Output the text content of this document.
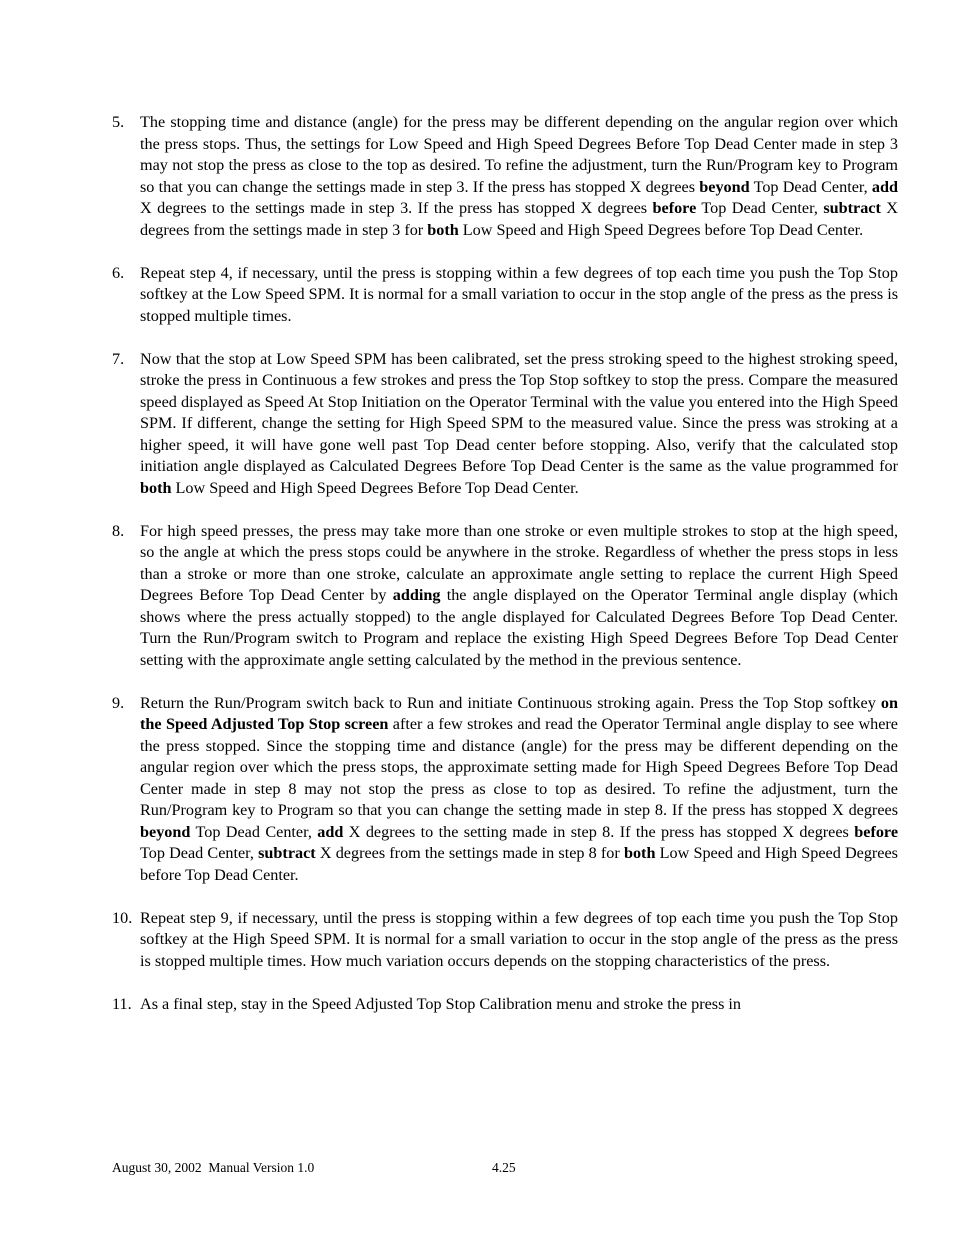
5. The stopping time and distance (angle) for the press may be different depending on the angular region over which the press stops. Thus, the settings for Low Speed and High Speed Degrees Before Top Dead Center made in step 3 may not stop the press as close to the top as desired. To refine the adjustment, turn the Run/Program key to Program so that you can change the settings made in step 3. If the press has stopped X degrees beyond Top Dead Center, add X degrees to the settings made in step 3. If the press has stopped X degrees before Top Dead Center, subtract X degrees from the settings made in step 3 for both Low Speed and High Speed Degrees before Top Dead Center.
6. Repeat step 4, if necessary, until the press is stopping within a few degrees of top each time you push the Top Stop softkey at the Low Speed SPM. It is normal for a small variation to occur in the stop angle of the press as the press is stopped multiple times.
7. Now that the stop at Low Speed SPM has been calibrated, set the press stroking speed to the highest stroking speed, stroke the press in Continuous a few strokes and press the Top Stop softkey to stop the press. Compare the measured speed displayed as Speed At Stop Initiation on the Operator Terminal with the value you entered into the High Speed SPM. If different, change the setting for High Speed SPM to the measured value. Since the press was stroking at a higher speed, it will have gone well past Top Dead center before stopping. Also, verify that the calculated stop initiation angle displayed as Calculated Degrees Before Top Dead Center is the same as the value programmed for both Low Speed and High Speed Degrees Before Top Dead Center.
8. For high speed presses, the press may take more than one stroke or even multiple strokes to stop at the high speed, so the angle at which the press stops could be anywhere in the stroke. Regardless of whether the press stops in less than a stroke or more than one stroke, calculate an approximate angle setting to replace the current High Speed Degrees Before Top Dead Center by adding the angle displayed on the Operator Terminal angle display (which shows where the press actually stopped) to the angle displayed for Calculated Degrees Before Top Dead Center. Turn the Run/Program switch to Program and replace the existing High Speed Degrees Before Top Dead Center setting with the approximate angle setting calculated by the method in the previous sentence.
9. Return the Run/Program switch back to Run and initiate Continuous stroking again. Press the Top Stop softkey on the Speed Adjusted Top Stop screen after a few strokes and read the Operator Terminal angle display to see where the press stopped. Since the stopping time and distance (angle) for the press may be different depending on the angular region over which the press stops, the approximate setting made for High Speed Degrees Before Top Dead Center made in step 8 may not stop the press as close to top as desired. To refine the adjustment, turn the Run/Program key to Program so that you can change the setting made in step 8. If the press has stopped X degrees beyond Top Dead Center, add X degrees to the setting made in step 8. If the press has stopped X degrees before Top Dead Center, subtract X degrees from the settings made in step 8 for both Low Speed and High Speed Degrees before Top Dead Center.
10. Repeat step 9, if necessary, until the press is stopping within a few degrees of top each time you push the Top Stop softkey at the High Speed SPM. It is normal for a small variation to occur in the stop angle of the press as the press is stopped multiple times. How much variation occurs depends on the stopping characteristics of the press.
11. As a final step, stay in the Speed Adjusted Top Stop Calibration menu and stroke the press in
August 30, 2002  Manual Version 1.0	4.25
